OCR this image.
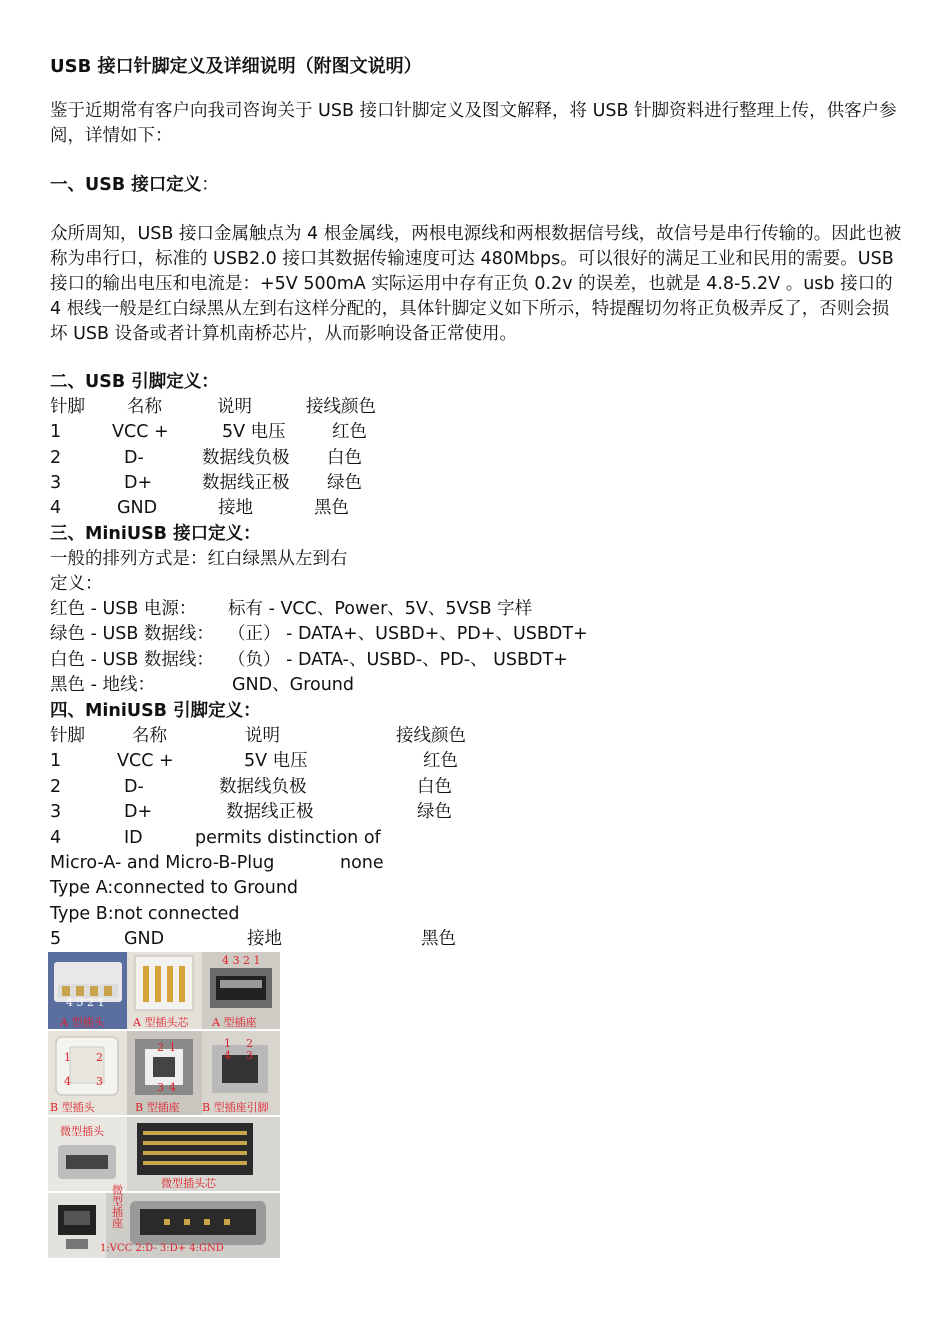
USB 接口针脚定义及详细说明（附图文说明）
鉴于近期常有客户向我司咨询关于 USB 接口针脚定义及图文解释，将 USB 针脚资料进行整理上传，供客户参阅，详情如下：
一、USB 接口定义：
众所周知，USB 接口金属触点为 4 根金属线，两根电源线和两根数据信号线，故信号是串行传输的。因此也被称为串行口，标准的 USB2.0 接口其数据传输速度可达 480Mbps。可以很好的满足工业和民用的需要。USB 接口的输出电压和电流是：+5V 500mA 实际运用中存有正负 0.2v 的误差，也就是 4.8-5.2V 。usb 接口的 4 根线一般是红白绿黑从左到右这样分配的，具体针脚定义如下所示，特提醒切勿将正负极弄反了，否则会损坏 USB 设备或者计算机南桥芯片，从而影响设备正常使用。
二、USB 引脚定义：
针脚 名称	说明	接线颜色
1	VCC +	5V 电压	红色
2	D-	数据线负极 白色
3	D+	数据线正极 绿色
4	GND	接地	黑色
三、MiniUSB 接口定义：
一般的排列方式是：红白绿黑从左到右
定义：
红色 - USB 电源： 标有 - VCC、Power、5V、5VSB 字样
绿色 - USB 数据线： （正） - DATA+、USBD+、PD+、USBDT+
白色 - USB 数据线： （负） - DATA-、USBD-、PD-、 USBDT+
黑色 - 地线：	GND、Ground
四、MiniUSB 引脚定义：
针脚	名称	说明	接线颜色
1	VCC +	5V 电压	红色
2	D-	数据线负极	白色
3	D+	数据线正极	绿色
4	ID	permits distinction of
Micro-A- and Micro-B-Plug	none
Type A:connected to Ground
Type B:not connected
5	GND	接地	黑色
4 3 2 1
A 型插头	A 型插头芯
4 3 2 1
A 型插座
1 2
4 3
B 型插头
2 1
3 4
B 型插座
1 2
4 3
B 型插座引脚
微型插头
微型插头芯
微型插座
1:VCC 2:D- 3:D+ 4:GND
